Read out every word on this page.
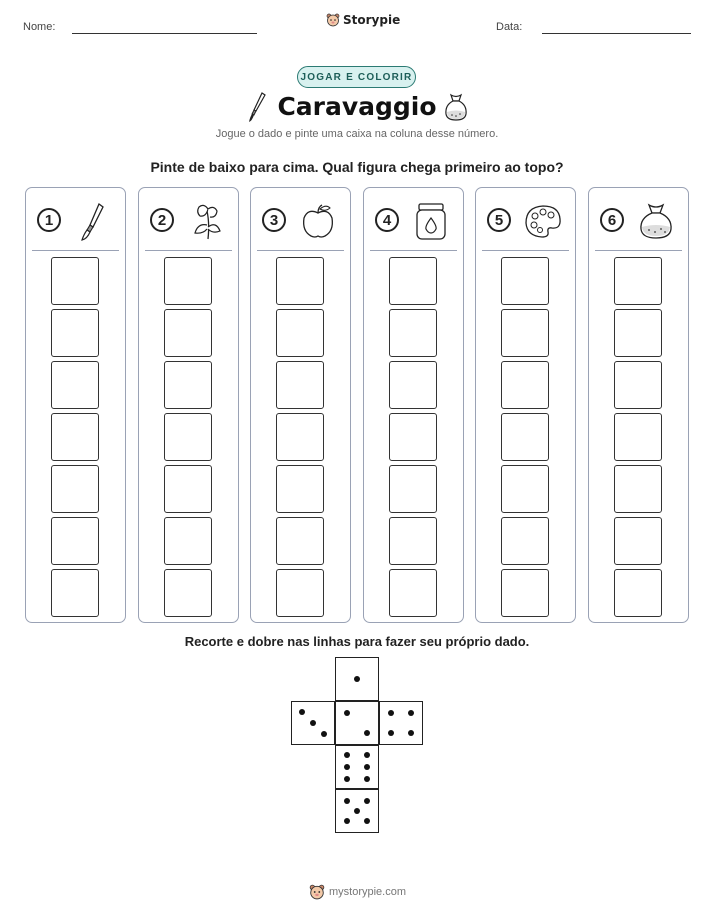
Nome:	Data:
Storypie
JOGAR E COLORIR
Caravaggio
Jogue o dado e pinte uma caixa na coluna desse número.
Pinte de baixo para cima. Qual figura chega primeiro ao topo?
1	2	3	4	5	6
Recorte e dobre nas linhas para fazer seu próprio dado.
mystorypie.com
